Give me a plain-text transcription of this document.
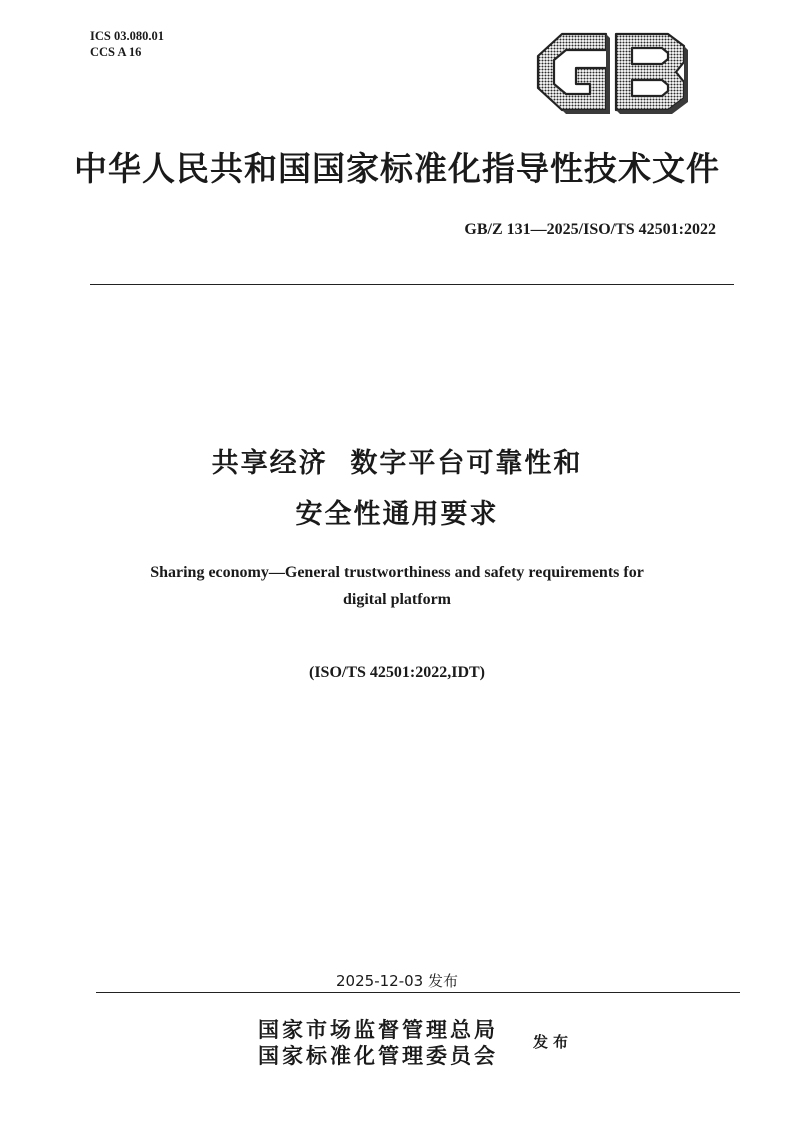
ICS 03.080.01
CCS A 16
中华人民共和国国家标准化指导性技术文件
GB/Z 131—2025/ISO/TS 42501:2022
共享经济  数字平台可靠性和
安全性通用要求
Sharing economy—General trustworthiness and safety requirements for
digital platform
(ISO/TS 42501:2022,IDT)
2025-12-03 发布
国家市场监督管理总局
国家标准化管理委员会
发布
